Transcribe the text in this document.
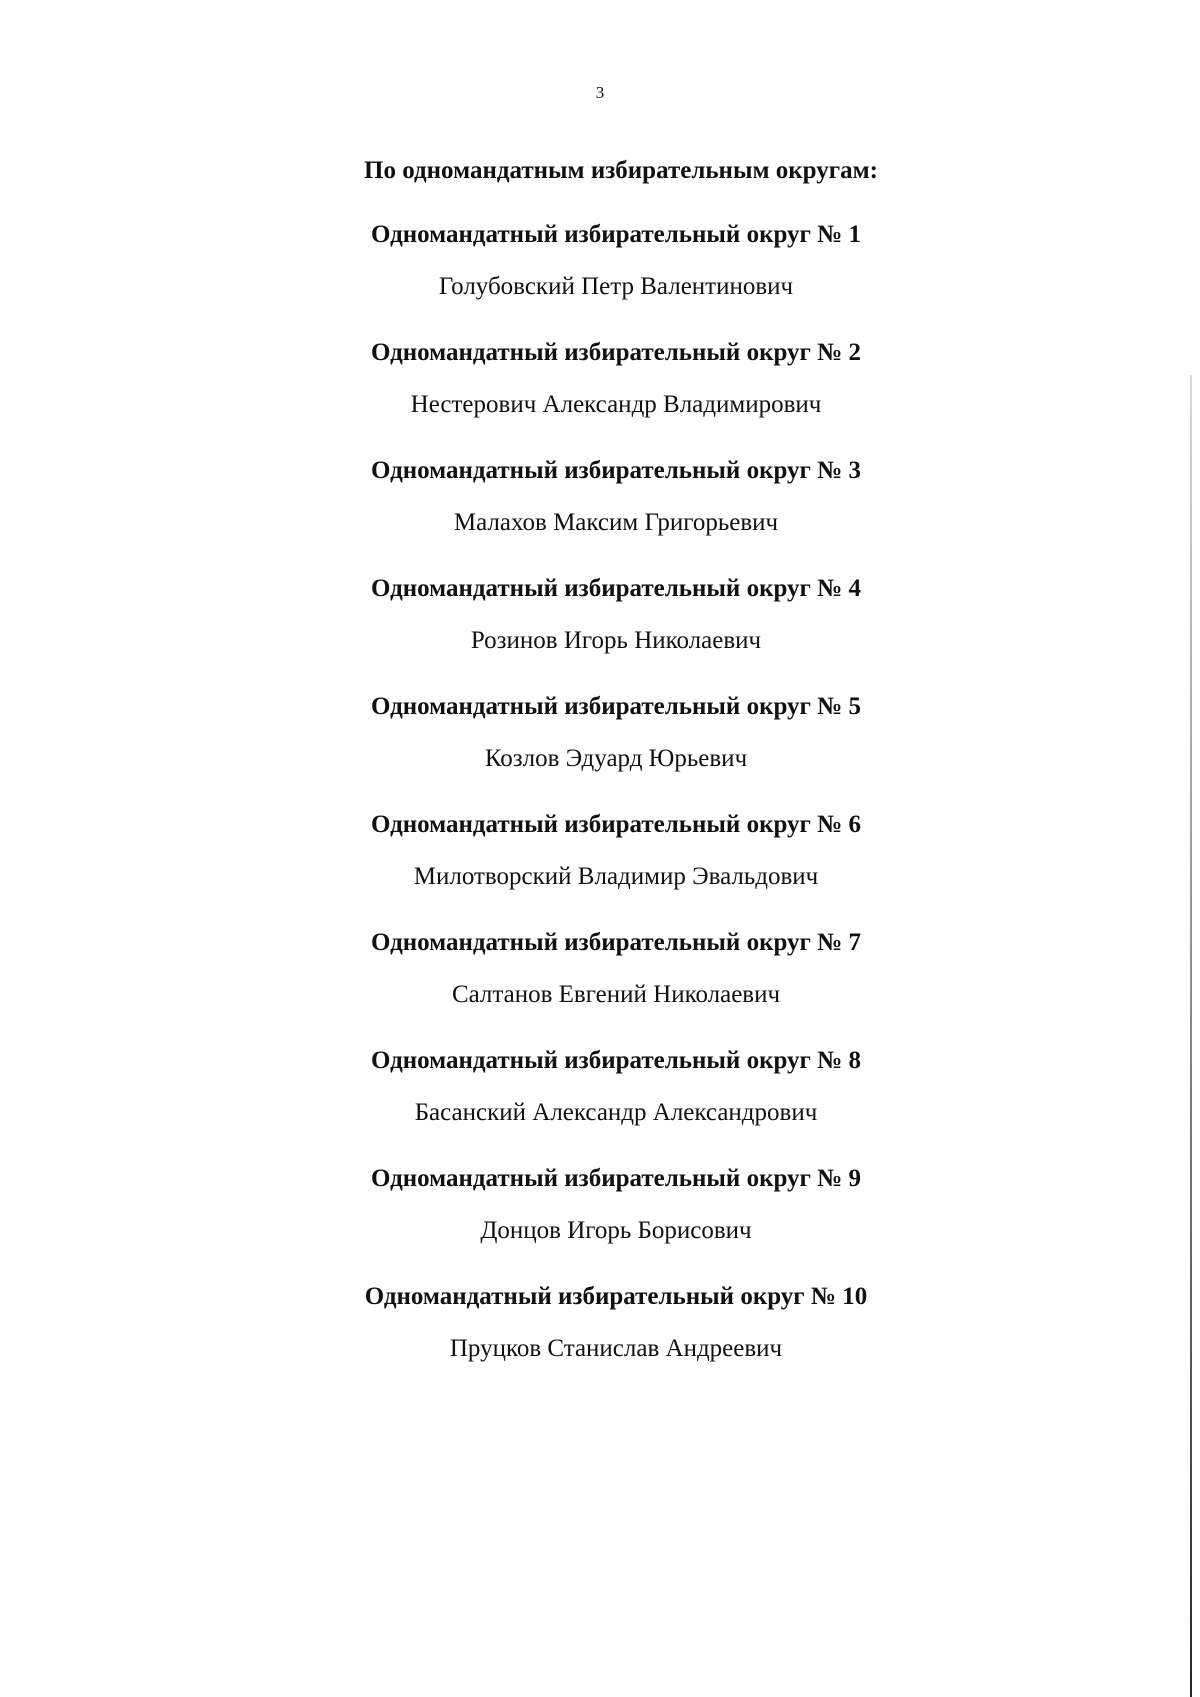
3
По одномандатным избирательным округам:
Одномандатный избирательный округ № 1
Голубовский Петр Валентинович
Одномандатный избирательный округ № 2
Нестерович Александр Владимирович
Одномандатный избирательный округ № 3
Малахов Максим Григорьевич
Одномандатный избирательный округ № 4
Розинов Игорь Николаевич
Одномандатный избирательный округ № 5
Козлов Эдуард Юрьевич
Одномандатный избирательный округ № 6
Милотворский Владимир Эвальдович
Одномандатный избирательный округ № 7
Салтанов Евгений Николаевич
Одномандатный избирательный округ № 8
Басанский Александр Александрович
Одномандатный избирательный округ № 9
Донцов Игорь Борисович
Одномандатный избирательный округ № 10
Пруцков Станислав Андреевич
